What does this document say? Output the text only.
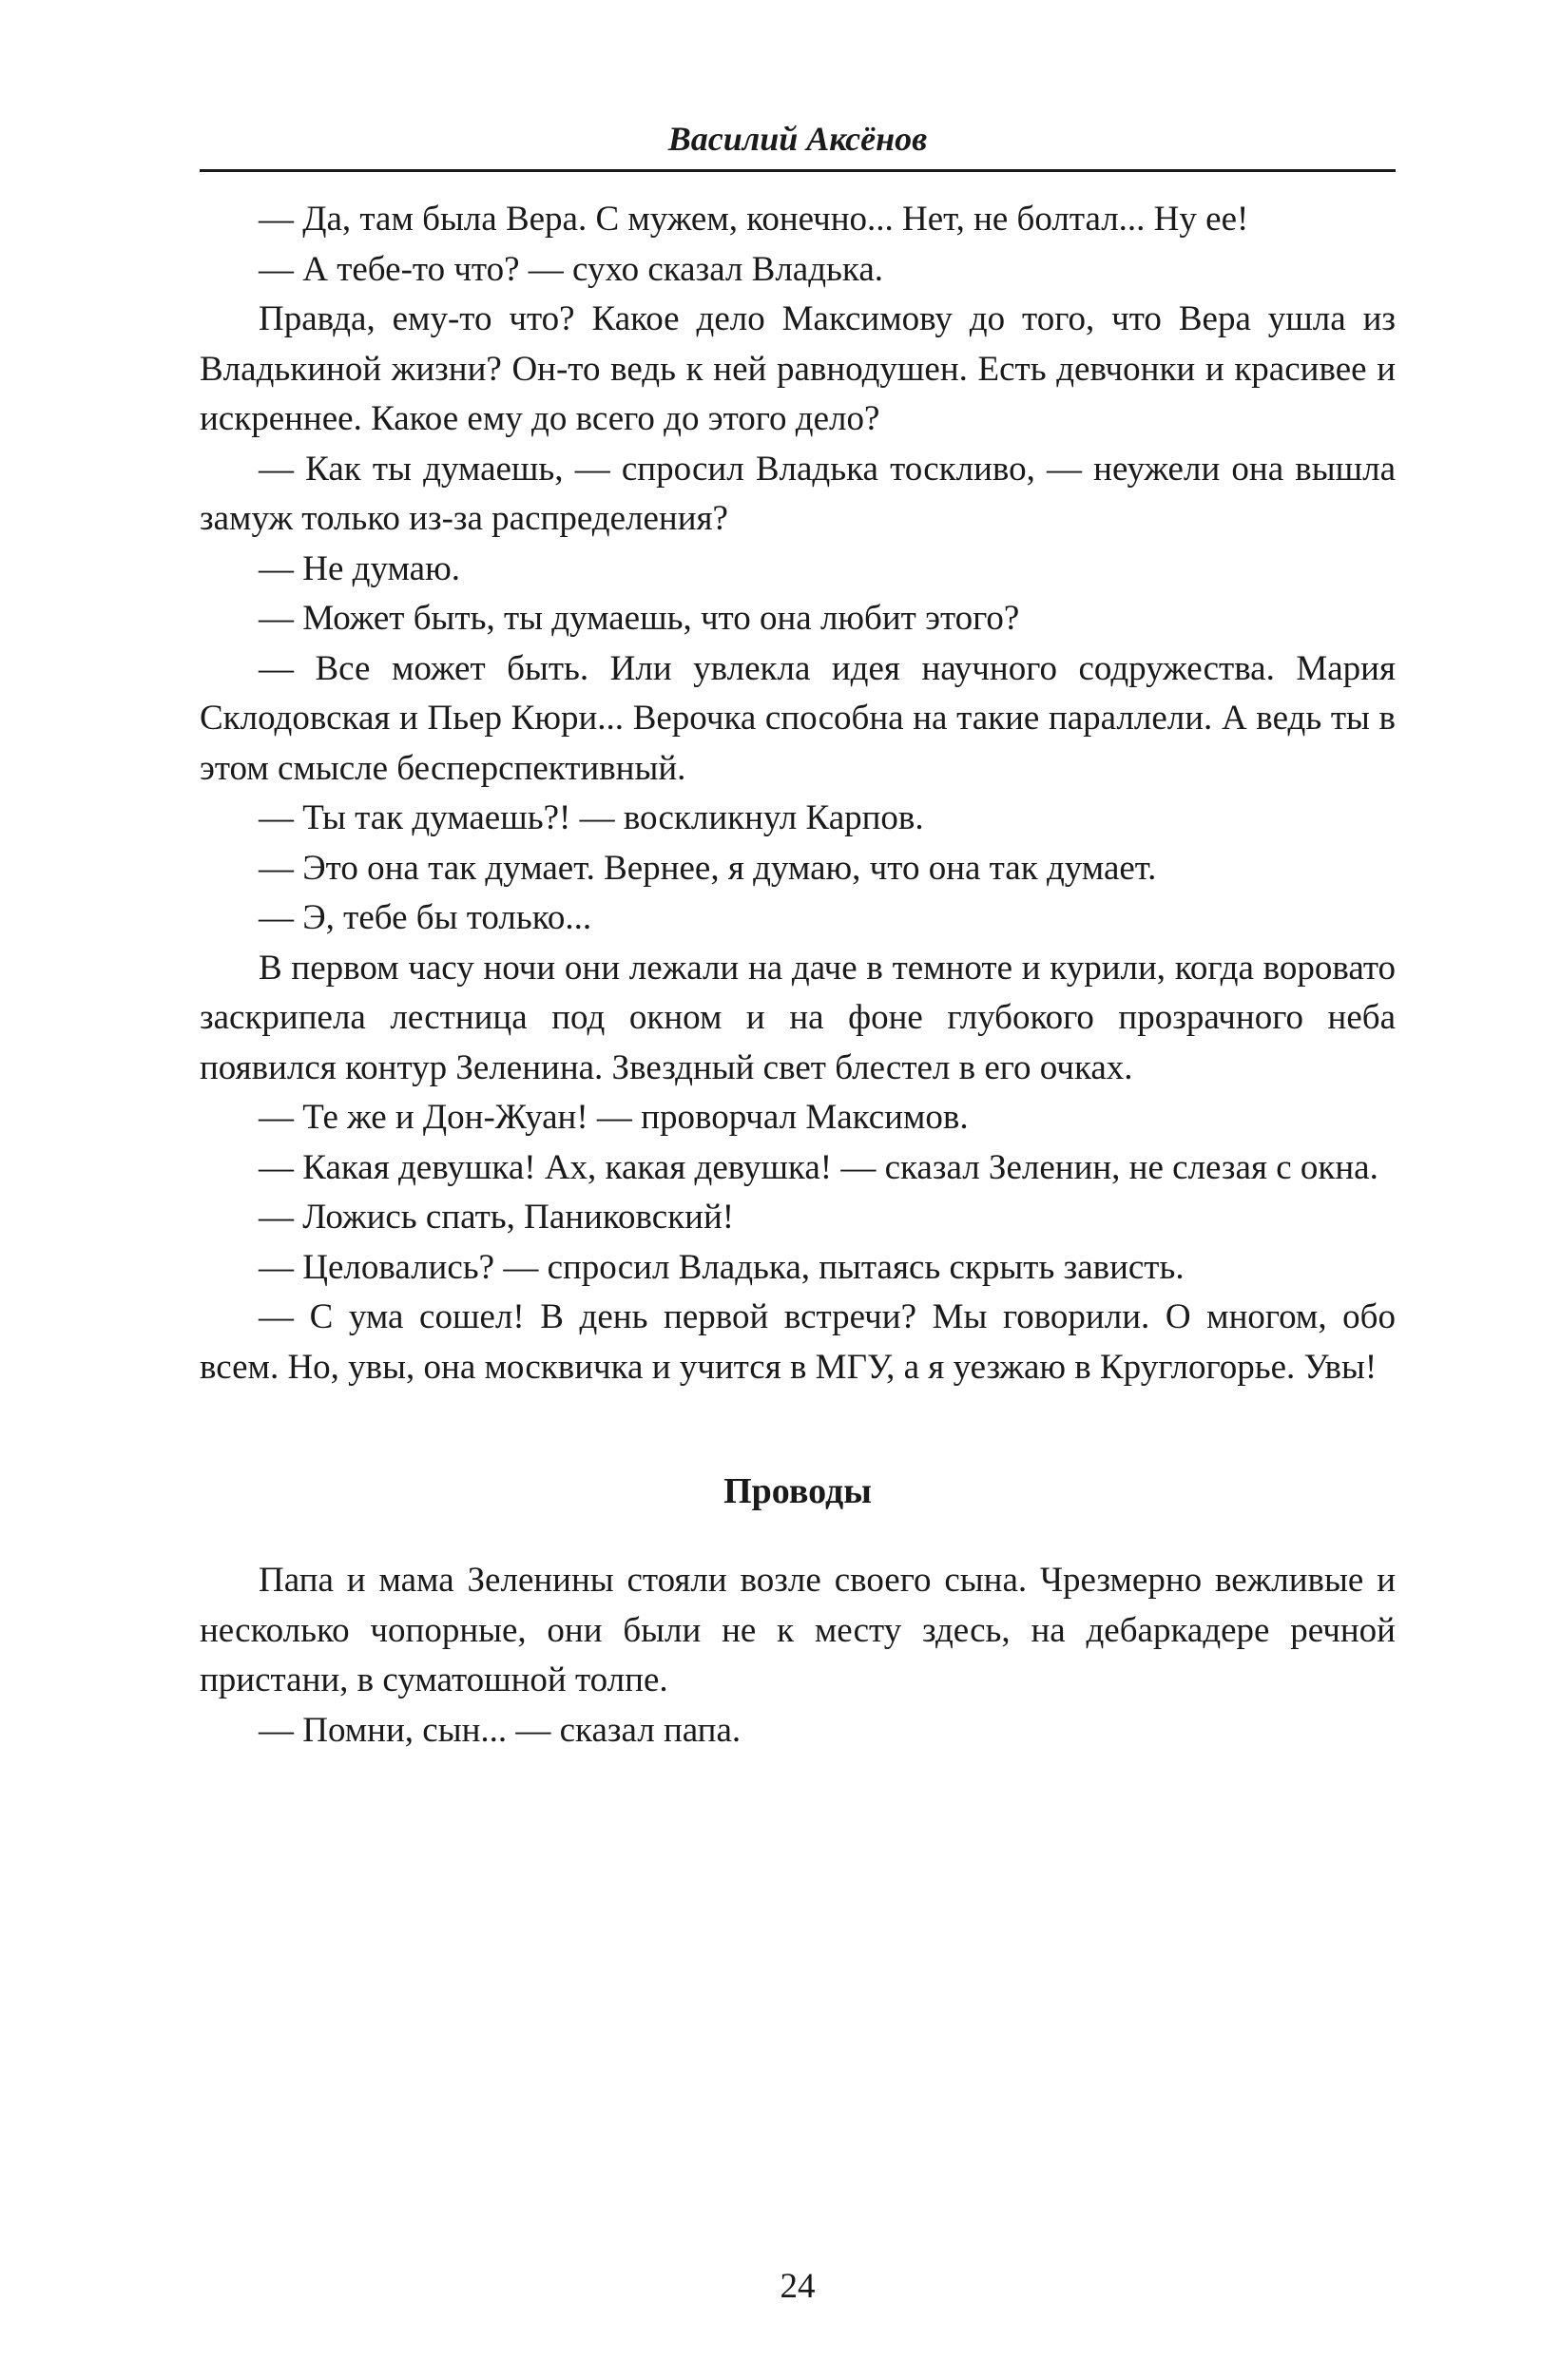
Василий Аксёнов

— Да, там была Вера. С мужем, конечно... Нет, не болтал... Ну ее!

— А тебе-то что? — сухо сказал Владька.

Правда, ему-то что? Какое дело Максимову до того, что Вера ушла из Владькиной жизни? Он-то ведь к ней равнодушен. Есть девчонки и красивее и искреннее. Какое ему до всего до этого дело?

— Как ты думаешь, — спросил Владька тоскливо, — неужели она вышла замуж только из-за распределения?

— Не думаю.

— Может быть, ты думаешь, что она любит этого?

— Все может быть. Или увлекла идея научного содружества. Мария Склодовская и Пьер Кюри... Верочка способна на такие параллели. А ведь ты в этом смысле бесперспективный.

— Ты так думаешь?! — воскликнул Карпов.

— Это она так думает. Вернее, я думаю, что она так думает.

— Э, тебе бы только...

В первом часу ночи они лежали на даче в темноте и курили, когда воровато заскрипела лестница под окном и на фоне глубокого прозрачного неба появился контур Зеленина. Звездный свет блестел в его очках.

— Те же и Дон-Жуан! — проворчал Максимов.

— Какая девушка! Ах, какая девушка! — сказал Зеленин, не слезая с окна.

— Ложись спать, Паниковский!

— Целовались? — спросил Владька, пытаясь скрыть зависть.

— С ума сошел! В день первой встречи? Мы говорили. О многом, обо всем. Но, увы, она москвичка и учится в МГУ, а я уезжаю в Круглогорье. Увы!

Проводы

Папа и мама Зеленины стояли возле своего сына. Чрезмерно вежливые и несколько чопорные, они были не к месту здесь, на дебаркадере речной пристани, в суматошной толпе.

— Помни, сын... — сказал папа.

24
